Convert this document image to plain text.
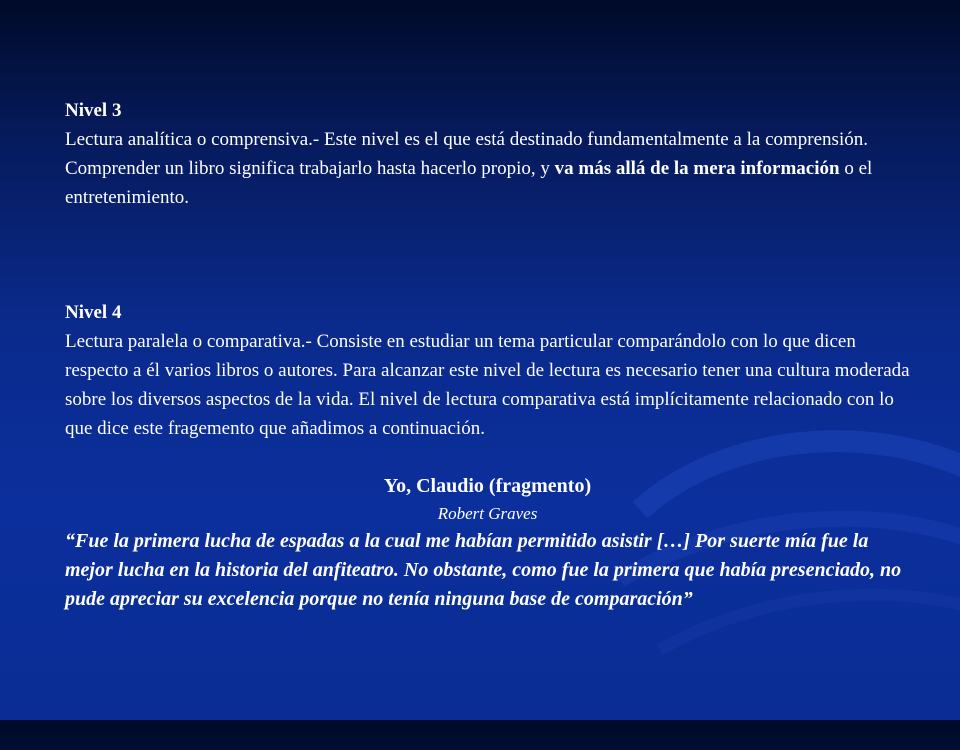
Nivel 3

Lectura analítica o comprensiva.- Este nivel es el que está destinado fundamentalmente a la comprensión. Comprender un libro significa trabajarlo hasta hacerlo propio, y va más allá de la mera información o el entretenimiento.

Nivel 4

Lectura paralela o comparativa.- Consiste en estudiar un tema particular comparándolo con lo que dicen respecto a él varios libros o autores. Para alcanzar este nivel de lectura es necesario tener una cultura moderada sobre los diversos aspectos de la vida. El nivel de lectura comparativa está implícitamente relacionado con lo que dice este fragemento que añadimos a continuación.

Yo, Claudio (fragmento)

Robert Graves

“Fue la primera lucha de espadas a la cual me habían permitido asistir […] Por suerte mía fue la mejor lucha en la historia del anfiteatro. No obstante, como fue la primera que había presenciado, no pude apreciar su excelencia porque no tenía ninguna base de comparación”
